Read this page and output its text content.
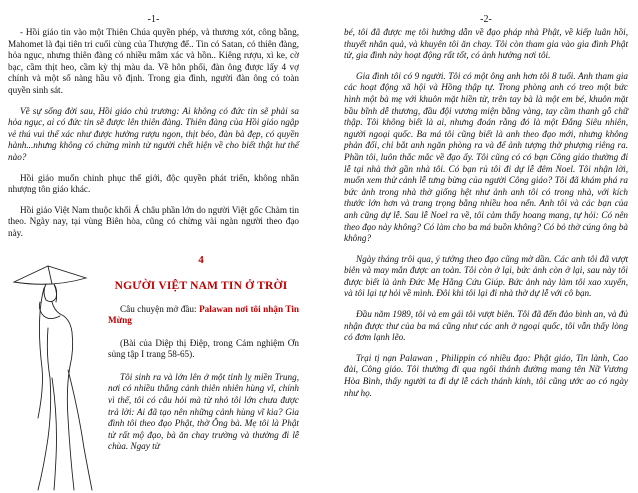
-1-

- Hồi giáo tin vào một Thiên Chúa quyền phép, và thương xót, công bằng, Mahomet là đại tiên tri cuối cùng của Thượng đế.. Tin có Satan, có thiên đàng, hỏa ngục, nhưng thiên đàng có nhiều mâm xác và hồn.. Kiêng rượu, xì ke, cờ bạc, cầm thịt heo, cầm kỳ thị màu da. Về hôn phối, đàn ông được lấy 4 vợ chính và một số nàng hầu vô định. Trong gia đình, người đàn ông có toàn quyền sinh sát.

Về sự sống đời sau, Hồi giáo chủ trương: Ai không có đức tin sẽ phải sa hỏa ngục, ai có đức tin sẽ được lên thiên đàng. Thiên đàng của Hồi giáo ngập vẻ thú vui thể xác như được hưởng rượu ngon, thịt béo, đàn bà đẹp, có quyền hành...nhưng không có chừng mình từ người chết hiện về cho biết thật hư thế nào?

Hồi giáo muốn chinh phục thế giới, độc quyền phát triển, không nhân nhượng tôn giáo khác.

Hồi giáo Việt Nam thuộc khối Á châu phần lớn do người Việt gốc Chàm tin theo. Ngày nay, tại vùng Biên hòa, cũng có chừng vài ngàn người theo đạo này.

4
NGƯỜI VIỆT NAM TIN Ở TRỜI

Câu chuyện mở đầu: Palawan nơi tôi nhận Tin Mừng

(Bài của Diệp thị Điệp, trong Cám nghiệm Ơn sủng tập I trang 58-65).

Tôi sinh ra và lớn lên ở một tỉnh lỵ miền Trung, nơi có nhiều thắng cảnh thiên nhiên hùng vĩ, chính vì thế, tôi có câu hỏi mà từ nhỏ tôi lớn chưa được trả lời: Ai đã tạo nên những cảnh hùng vĩ kia? Gia đình tôi theo đạo Phật, thờ Ông bà. Mẹ tôi là Phật tử rất mộ đạo, bà ăn chay trường và thường đi lễ chùa. Ngay từ

-2-

bé, tôi đã được mẹ tôi hướng dẫn về đạo pháp nhà Phật, về kiếp luân hồi, thuyết nhân quả, và khuyên tôi ăn chay. Tôi còn tham gia vào gia đình Phật tử, gia đình này hoạt động rất tốt, có ảnh hưởng nơi tôi.

Gia đình tôi có 9 người. Tôi có một ông anh hơn tôi 8 tuổi. Anh tham gia các hoạt động xã hội và Hồng thập tự. Trong phòng anh có treo một bức hình một bà mẹ với khuôn mặt hiền từ, trên tay bà là một em bé, khuôn mặt bầu bĩnh dễ thương, đầu đội vương miện bằng vàng, tay cầm thanh gỗ chữ thập. Tôi không biết là ai, nhưng đoán rằng đó là một Đẳng Siêu nhiên, người ngoại quốc. Ba má tôi cũng biết là anh theo đạo mới, nhưng không phản đối, chỉ bắt anh ngăn phòng ra và để ảnh tượng thờ phượng riêng ra. Phần tôi, luôn thắc mắc về đạo ấy. Tôi cũng có có bạn Công giáo thường đi lễ tại nhà thờ gần nhà tôi. Có bạn rủ tôi đi dự lễ đêm Noel. Tôi nhận lời, muốn xem thử cảnh lễ tưng bừng của người Công giáo? Tôi đã khám phá ra bức ảnh trong nhà thờ giống hệt như ảnh anh tôi có trong nhà, với kích thước lớn hơn và trang trọng bằng nhiều hoa nến. Anh tôi và các bạn của anh cũng dự lễ. Sau lễ Noel ra về, tôi cảm thấy hoang mang, tự hỏi: Có nên theo đạo này không? Có làm cho ba má buồn không? Có bỏ thờ cúng ông bà không?

Ngày tháng trôi qua, ý tưởng theo đạo cũng mờ dần. Các anh tôi đã vượt biên và may mắn được an toàn. Tôi còn ở lại, bức ảnh còn ở lại, sau này tôi được biết là ảnh Đức Mẹ Hằng Cứu Giúp. Bức ảnh này làm tôi xao xuyến, và tôi lại tự hỏi về mình. Đôi khi tôi lại đi nhà thờ dự lễ với cô bạn.

Đầu năm 1989, tôi và em gái tôi vượt biên. Tôi đã đến đảo bình an, và đủ nhận được thư của ba má cũng như các anh ở ngoại quốc, tôi vẫn thấy lòng có đơm lạnh lẽo.

Trại tị nạn Palawan , Philippin có nhiều đạo: Phật giáo, Tin lành, Cao đài, Công giáo. Tôi thường đi qua ngôi thánh đường mang tên Nữ Vương Hòa Bình, thấy người ta đi dự lễ cách thánh kính, tôi cũng ước ao có ngày như họ.
